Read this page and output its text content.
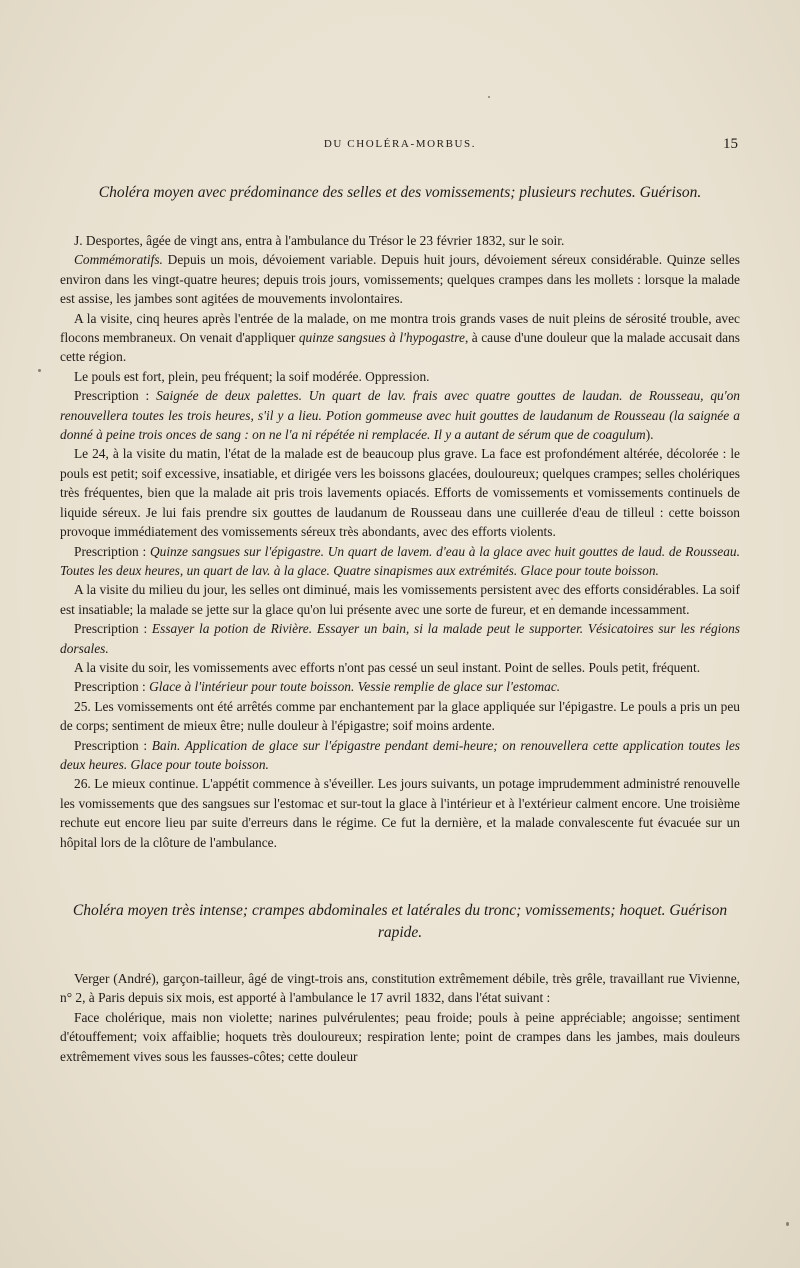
DU CHOLÉRA-MORBUS.	15
Choléra moyen avec prédominance des selles et des vomissements; plusieurs rechutes. Guérison.

J. Desportes, âgée de vingt ans, entra à l'ambulance du Trésor le 23 février 1832, sur le soir.

Commémoratifs. Depuis un mois, dévoiement variable. Depuis huit jours, dévoiement séreux considérable. Quinze selles environ dans les vingt-quatre heures; depuis trois jours, vomissements; quelques crampes dans les mollets : lorsque la malade est assise, les jambes sont agitées de mouvements involontaires.

A la visite, cinq heures après l'entrée de la malade, on me montra trois grands vases de nuit pleins de sérosité trouble, avec flocons membraneux. On venait d'appliquer quinze sangsues à l'hypogastre, à cause d'une douleur que la malade accusait dans cette région.

Le pouls est fort, plein, peu fréquent; la soif modérée. Oppression.

Prescription : Saignée de deux palettes. Un quart de lav. frais avec quatre gouttes de laudan. de Rousseau, qu'on renouvellera toutes les trois heures, s'il y a lieu. Potion gommeuse avec huit gouttes de laudanum de Rousseau (la saignée a donné à peine trois onces de sang : on ne l'a ni répétée ni remplacée. Il y a autant de sérum que de coagulum).

Le 24, à la visite du matin, l'état de la malade est de beaucoup plus grave. La face est profondément altérée, décolorée : le pouls est petit; soif excessive, insatiable, et dirigée vers les boissons glacées, douloureux; quelques crampes; selles cholériques très fréquentes, bien que la malade ait pris trois lavements opiacés. Efforts de vomissements et vomissements continuels de liquide séreux. Je lui fais prendre six gouttes de laudanum de Rousseau dans une cuillerée d'eau de tilleul : cette boisson provoque immédiatement des vomissements séreux très abondants, avec des efforts violents.

Prescription : Quinze sangsues sur l'épigastre. Un quart de lavem. d'eau à la glace avec huit gouttes de laud. de Rousseau. Toutes les deux heures, un quart de lav. à la glace. Quatre sinapismes aux extrémités. Glace pour toute boisson.

A la visite du milieu du jour, les selles ont diminué, mais les vomissements persistent avec des efforts considérables. La soif est insatiable; la malade se jette sur la glace qu'on lui présente avec une sorte de fureur, et en demande incessamment.

Prescription : Essayer la potion de Rivière. Essayer un bain, si la malade peut le supporter. Vésicatoires sur les régions dorsales.

A la visite du soir, les vomissements avec efforts n'ont pas cessé un seul instant. Point de selles. Pouls petit, fréquent.

Prescription : Glace à l'intérieur pour toute boisson. Vessie remplie de glace sur l'estomac.

25. Les vomissements ont été arrêtés comme par enchantement par la glace appliquée sur l'épigastre. Le pouls a pris un peu de corps; sentiment de mieux être; nulle douleur à l'épigastre; soif moins ardente.

Prescription : Bain. Application de glace sur l'épigastre pendant demi-heure; on renouvellera cette application toutes les deux heures. Glace pour toute boisson.

26. Le mieux continue. L'appétit commence à s'éveiller. Les jours suivants, un potage imprudemment administré renouvelle les vomissements que des sangsues sur l'estomac et sur-tout la glace à l'intérieur et à l'extérieur calment encore. Une troisième rechute eut encore lieu par suite d'erreurs dans le régime. Ce fut la dernière, et la malade convalescente fut évacuée sur un hôpital lors de la clôture de l'ambulance.

Choléra moyen très intense; crampes abdominales et latérales du tronc; vomissements; hoquet. Guérison rapide.

Verger (André), garçon-tailleur, âgé de vingt-trois ans, constitution extrêmement débile, très grêle, travaillant rue Vivienne, n° 2, à Paris depuis six mois, est apporté à l'ambulance le 17 avril 1832, dans l'état suivant :

Face cholérique, mais non violette; narines pulvérulentes; peau froide; pouls à peine appréciable; angoisse; sentiment d'étouffement; voix affaiblie; hoquets très douloureux; respiration lente; point de crampes dans les jambes, mais douleurs extrêmement vives sous les fausses-côtes; cette douleur
